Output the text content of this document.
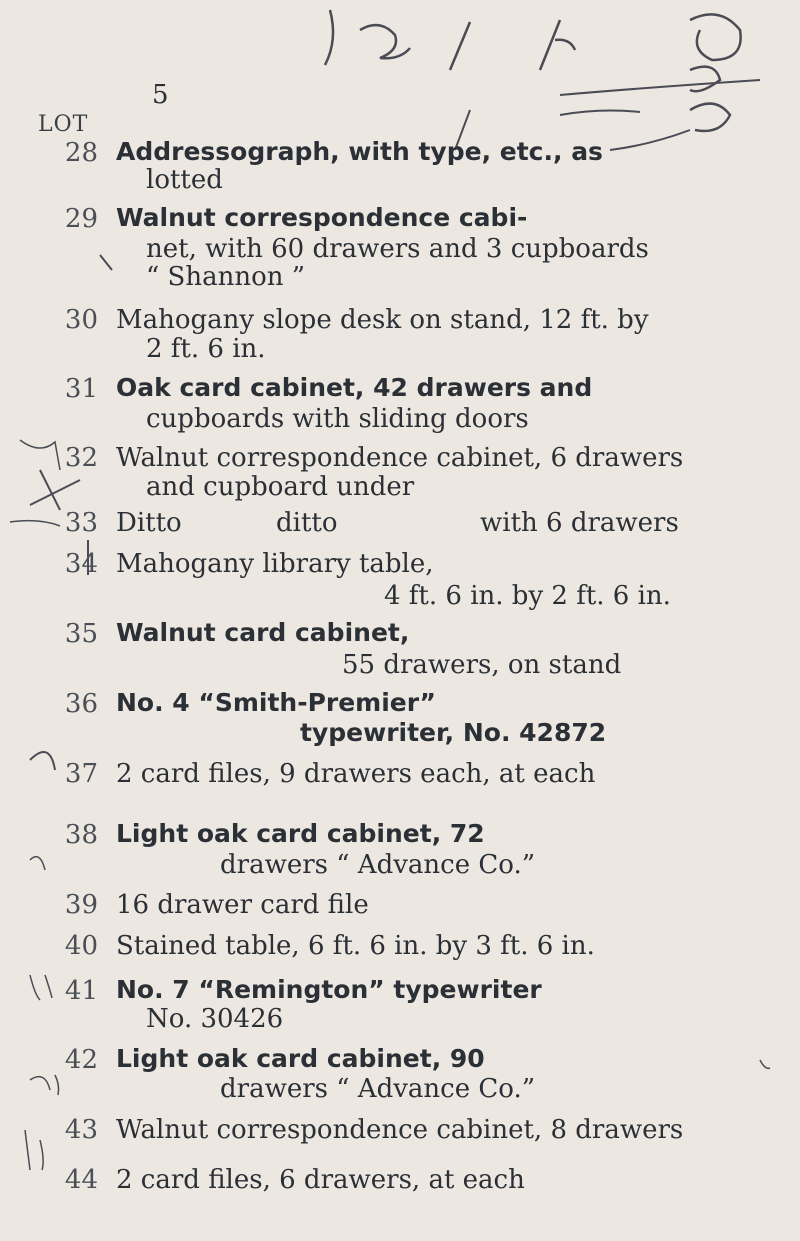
5
LOT
28 Addressograph, with type, etc., as
lotted
29 Walnut correspondence cabi-
net, with 60 drawers and 3 cupboards
“ Shannon ”
30 Mahogany slope desk on stand, 12 ft. by
2 ft. 6 in.
31 Oak card cabinet, 42 drawers and
cupboards with sliding doors
32 Walnut correspondence cabinet, 6 drawers
and cupboard under
33 Ditto	ditto	with 6 drawers
34 Mahogany library table,
4 ft. 6 in. by 2 ft. 6 in.
35 Walnut card cabinet,
55 drawers, on stand
36 No. 4 “Smith-Premier”
typewriter, No. 42872
37 2 card files, 9 drawers each, at each
38 Light oak card cabinet, 72
drawers “ Advance Co.”
39 16 drawer card file
40 Stained table, 6 ft. 6 in. by 3 ft. 6 in.
41 No. 7 “Remington” typewriter
No. 30426
42 Light oak card cabinet, 90
drawers “ Advance Co.”
43 Walnut correspondence cabinet, 8 drawers
44 2 card files, 6 drawers, at each
